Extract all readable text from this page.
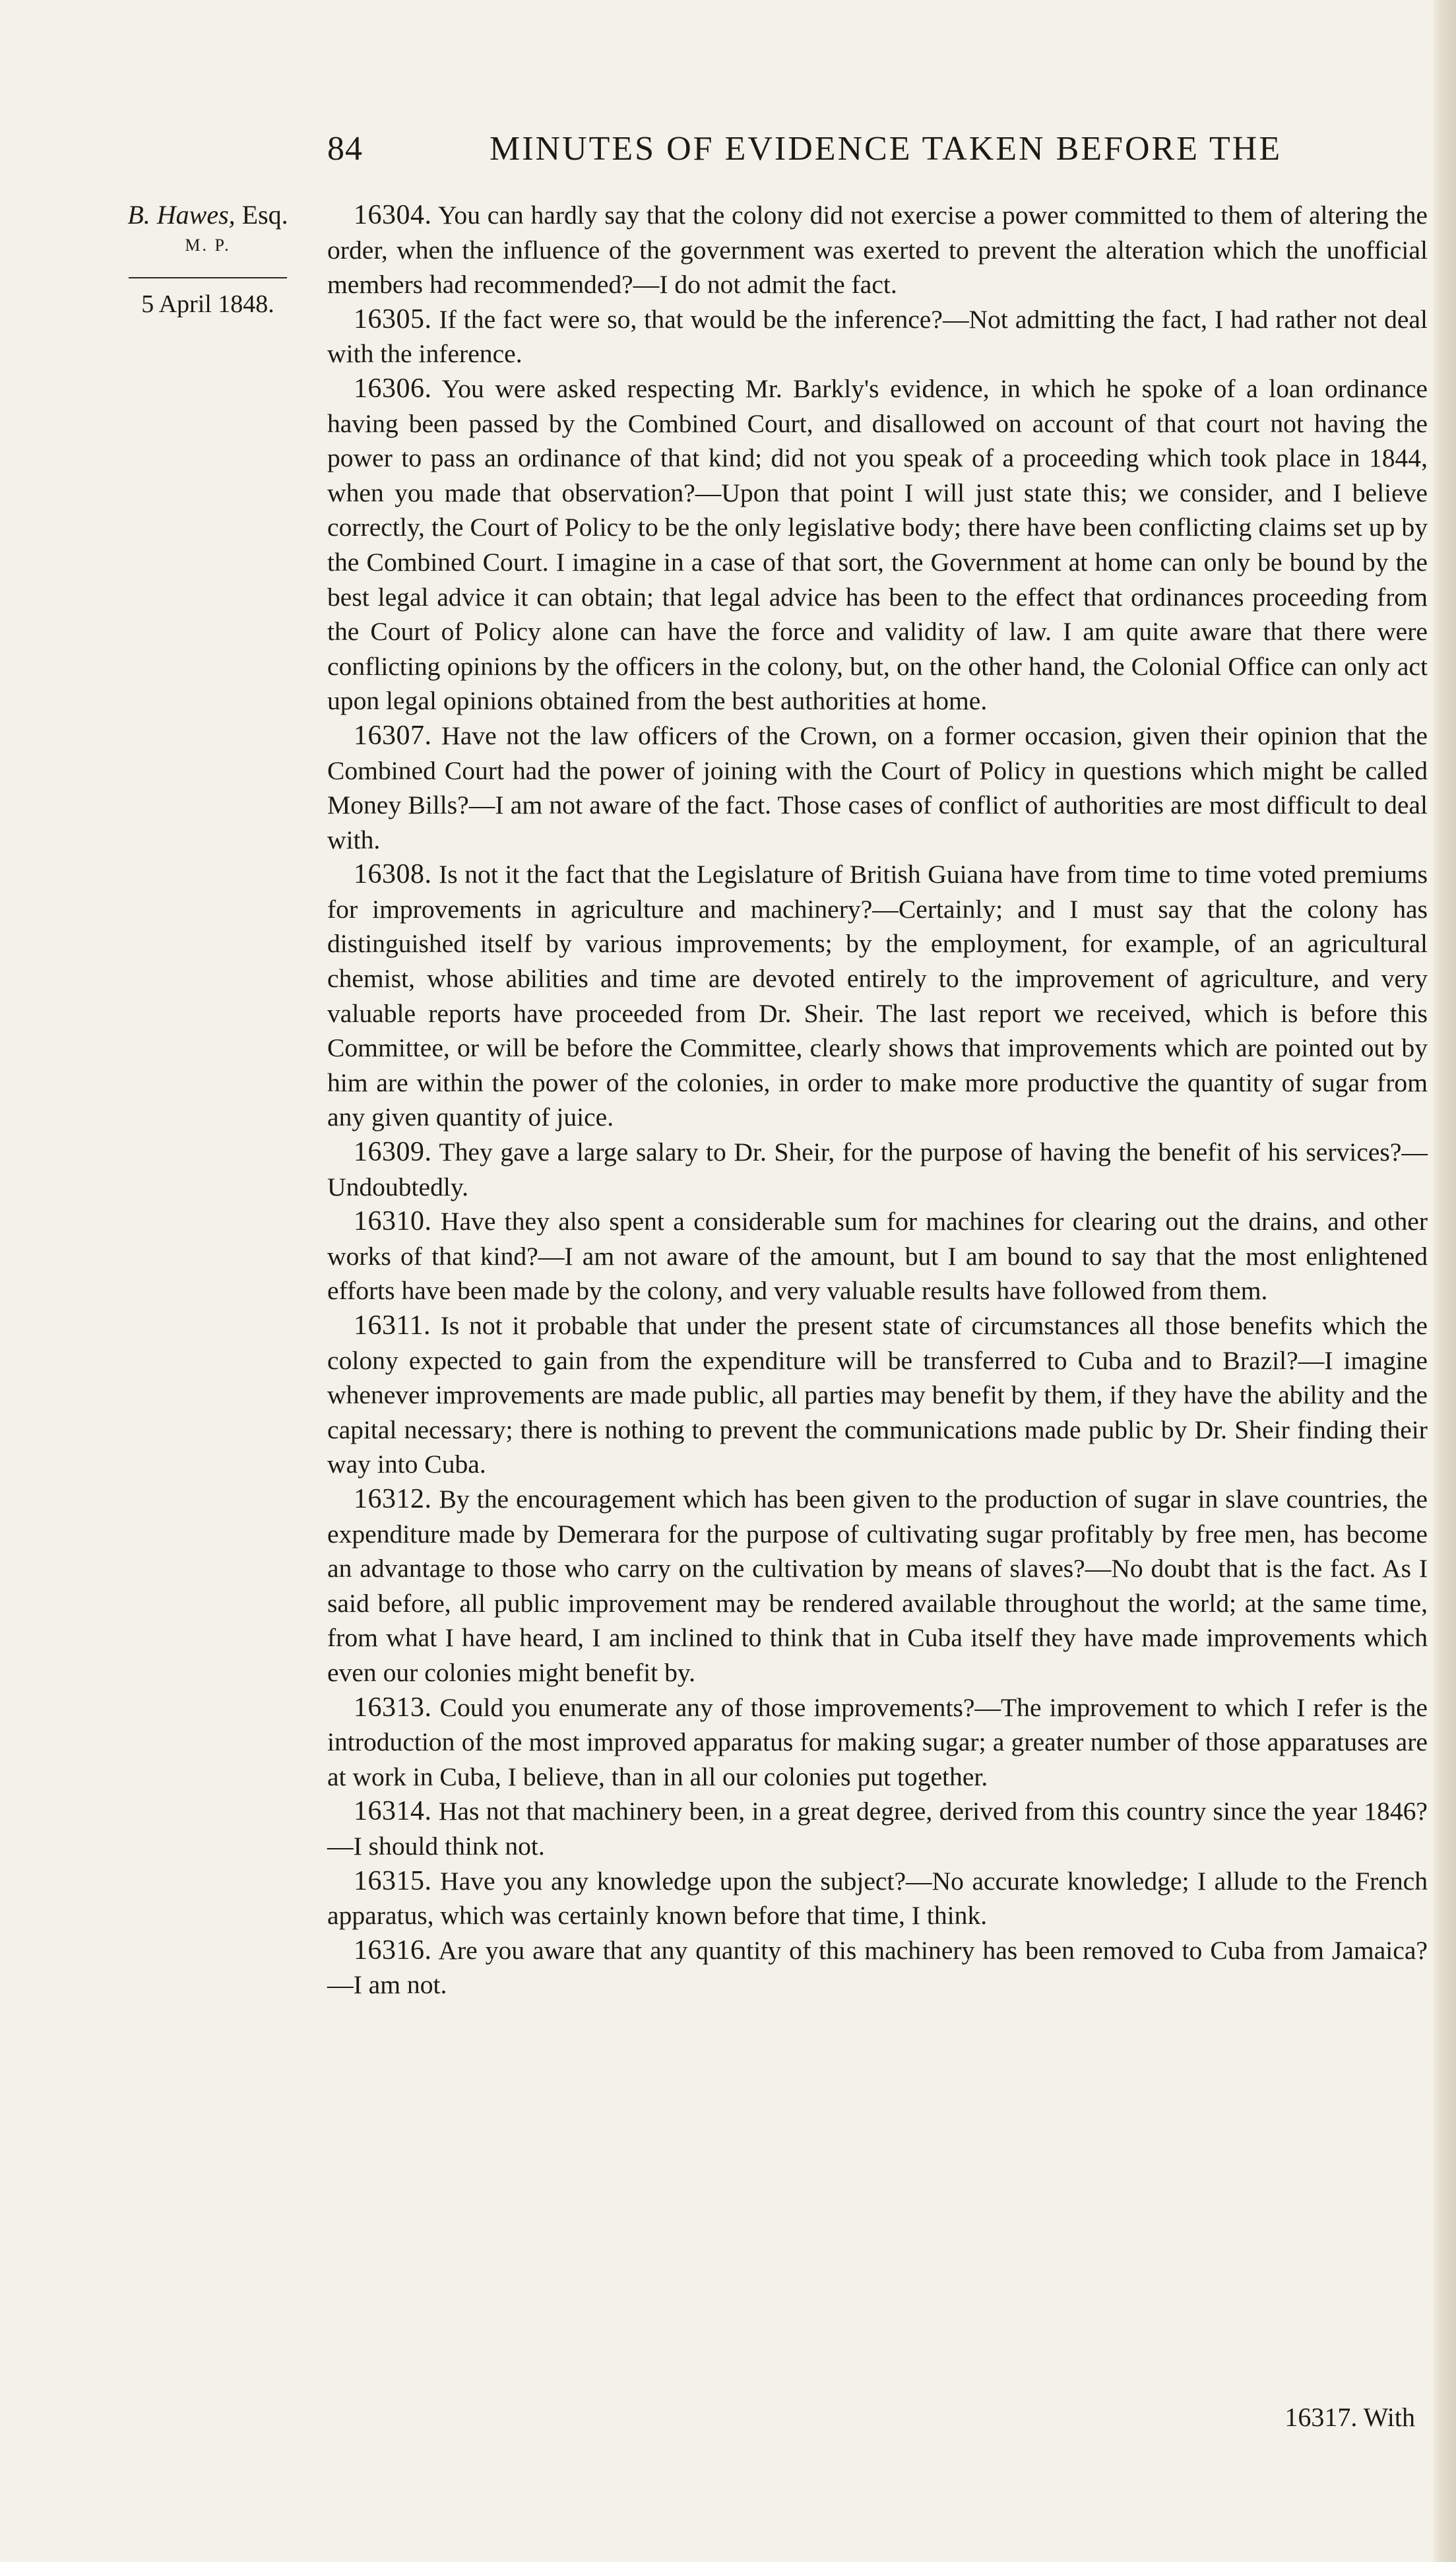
84	MINUTES OF EVIDENCE TAKEN BEFORE THE
B. Hawes, Esq.
M. P.
5 April 1848.

16304. You can hardly say that the colony did not exercise a power committed to them of altering the order, when the influence of the government was exerted to prevent the alteration which the unofficial members had recommended?—I do not admit the fact.

16305. If the fact were so, that would be the inference?—Not admitting the fact, I had rather not deal with the inference.

16306. You were asked respecting Mr. Barkly's evidence, in which he spoke of a loan ordinance having been passed by the Combined Court, and disallowed on account of that court not having the power to pass an ordinance of that kind; did not you speak of a proceeding which took place in 1844, when you made that observation?—Upon that point I will just state this; we consider, and I believe correctly, the Court of Policy to be the only legislative body; there have been conflicting claims set up by the Combined Court. I imagine in a case of that sort, the Government at home can only be bound by the best legal advice it can obtain; that legal advice has been to the effect that ordinances proceeding from the Court of Policy alone can have the force and validity of law. I am quite aware that there were conflicting opinions by the officers in the colony, but, on the other hand, the Colonial Office can only act upon legal opinions obtained from the best authorities at home.

16307. Have not the law officers of the Crown, on a former occasion, given their opinion that the Combined Court had the power of joining with the Court of Policy in questions which might be called Money Bills?—I am not aware of the fact. Those cases of conflict of authorities are most difficult to deal with.

16308. Is not it the fact that the Legislature of British Guiana have from time to time voted premiums for improvements in agriculture and machinery?—Certainly; and I must say that the colony has distinguished itself by various improvements; by the employment, for example, of an agricultural chemist, whose abilities and time are devoted entirely to the improvement of agriculture, and very valuable reports have proceeded from Dr. Sheir. The last report we received, which is before this Committee, or will be before the Committee, clearly shows that improvements which are pointed out by him are within the power of the colonies, in order to make more productive the quantity of sugar from any given quantity of juice.

16309. They gave a large salary to Dr. Sheir, for the purpose of having the benefit of his services?—Undoubtedly.

16310. Have they also spent a considerable sum for machines for clearing out the drains, and other works of that kind?—I am not aware of the amount, but I am bound to say that the most enlightened efforts have been made by the colony, and very valuable results have followed from them.

16311. Is not it probable that under the present state of circumstances all those benefits which the colony expected to gain from the expenditure will be transferred to Cuba and to Brazil?—I imagine whenever improvements are made public, all parties may benefit by them, if they have the ability and the capital necessary; there is nothing to prevent the communications made public by Dr. Sheir finding their way into Cuba.

16312. By the encouragement which has been given to the production of sugar in slave countries, the expenditure made by Demerara for the purpose of cultivating sugar profitably by free men, has become an advantage to those who carry on the cultivation by means of slaves?—No doubt that is the fact. As I said before, all public improvement may be rendered available throughout the world; at the same time, from what I have heard, I am inclined to think that in Cuba itself they have made improvements which even our colonies might benefit by.

16313. Could you enumerate any of those improvements?—The improvement to which I refer is the introduction of the most improved apparatus for making sugar; a greater number of those apparatuses are at work in Cuba, I believe, than in all our colonies put together.

16314. Has not that machinery been, in a great degree, derived from this country since the year 1846?—I should think not.

16315. Have you any knowledge upon the subject?—No accurate knowledge; I allude to the French apparatus, which was certainly known before that time, I think.

16316. Are you aware that any quantity of this machinery has been removed to Cuba from Jamaica?—I am not.

16317. With
